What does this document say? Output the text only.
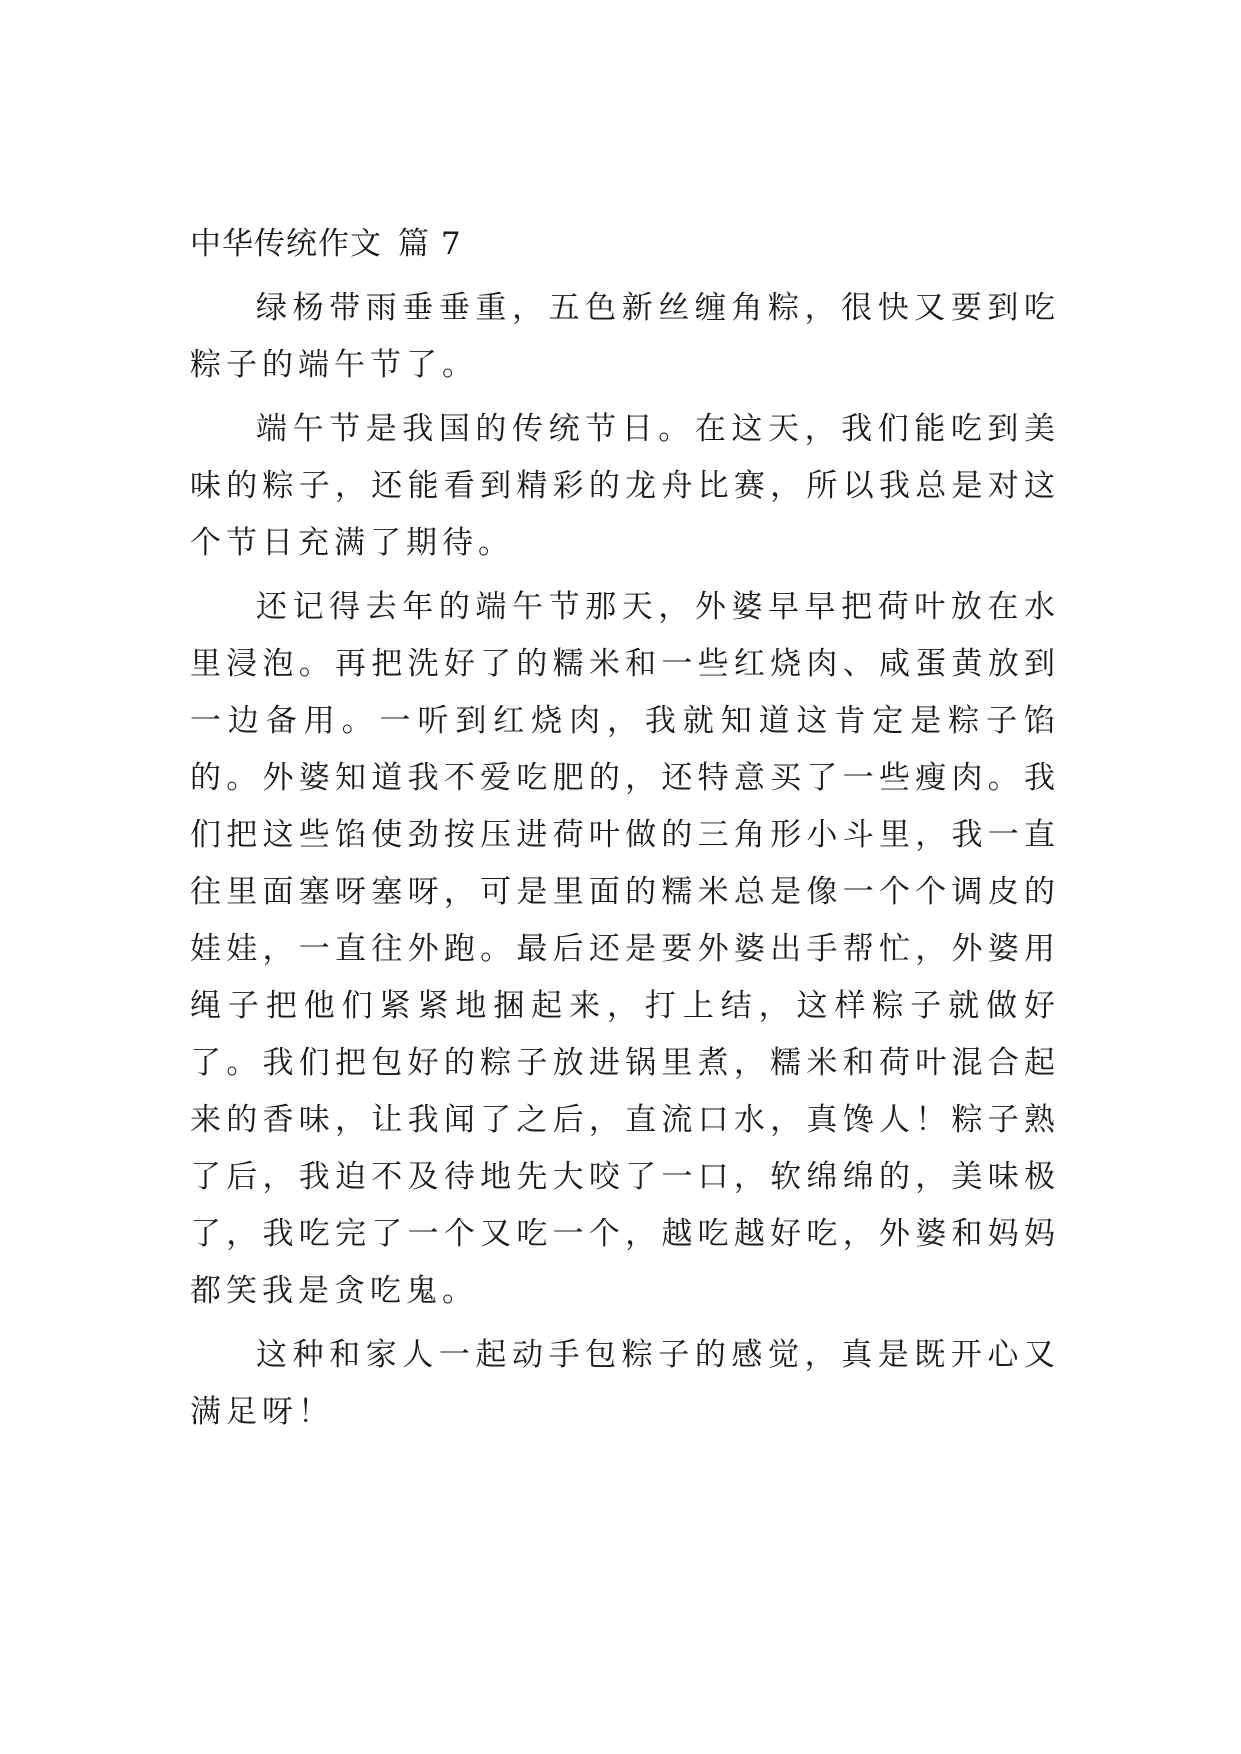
中华传统作文 篇 7

绿杨带雨垂垂重，五色新丝缠角粽，很快又要到吃粽子的端午节了。

端午节是我国的传统节日。在这天，我们能吃到美味的粽子，还能看到精彩的龙舟比赛，所以我总是对这个节日充满了期待。

还记得去年的端午节那天，外婆早早把荷叶放在水里浸泡。再把洗好了的糯米和一些红烧肉、咸蛋黄放到一边备用。一听到红烧肉，我就知道这肯定是粽子馅的。外婆知道我不爱吃肥的，还特意买了一些瘦肉。我们把这些馅使劲按压进荷叶做的三角形小斗里，我一直往里面塞呀塞呀，可是里面的糯米总是像一个个调皮的娃娃，一直往外跑。最后还是要外婆出手帮忙，外婆用绳子把他们紧紧地捆起来，打上结，这样粽子就做好了。我们把包好的粽子放进锅里煮，糯米和荷叶混合起来的香味，让我闻了之后，直流口水，真馋人！粽子熟了后，我迫不及待地先大咬了一口，软绵绵的，美味极了，我吃完了一个又吃一个，越吃越好吃，外婆和妈妈都笑我是贪吃鬼。

这种和家人一起动手包粽子的感觉，真是既开心又满足呀！
